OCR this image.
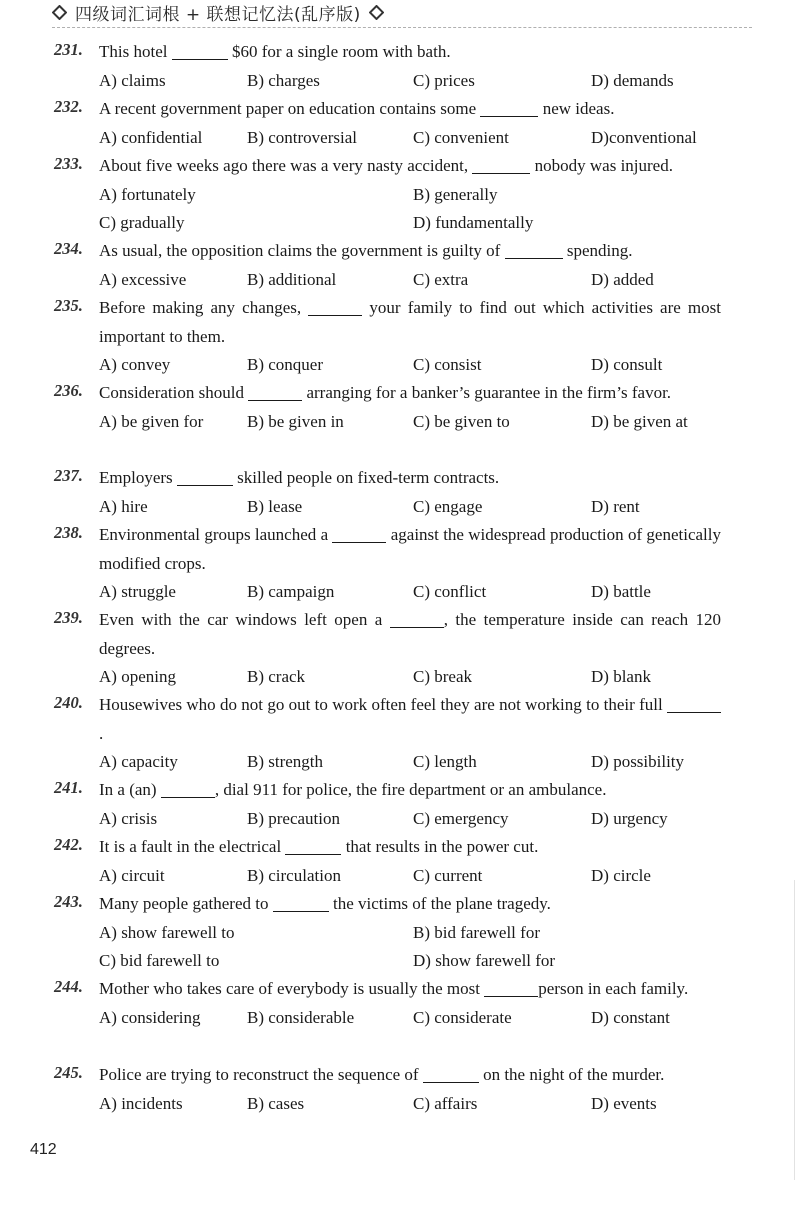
四级词汇词根 + 联想记忆法(乱序版)
231. This hotel	$60 for a single room with bath.
A) claims	B) charges	C) prices	D) demands
232. A recent government paper on education contains some	new ideas.
A) confidential	B) controversial	C) convenient	D)conventional
233. About five weeks ago there was a very nasty accident,	nobody was injured.
A) fortunately	B) generally
C) gradually	D) fundamentally
234. As usual, the opposition claims the government is guilty of	spending.
A) excessive	B) additional	C) extra	D) added
235. Before making any changes,	your family to find out which activities are most important to them.
A) convey	B) conquer	C) consist	D) consult
236. Consideration should	arranging for a banker’s guarantee in the firm’s favor.
A) be given for	B) be given in	C) be given to	D) be given at
237. Employers	skilled people on fixed-term contracts.
A) hire	B) lease	C) engage	D) rent
238. Environmental groups launched a	against the widespread production of genetically modified crops.
A) struggle	B) campaign	C) conflict	D) battle
239. Even with the car windows left open a	, the temperature inside can reach 120 degrees.
A) opening	B) crack	C) break	D) blank
240. Housewives who do not go out to work often feel they are not working to their full .
A) capacity	B) strength	C) length	D) possibility
241. In a (an)	, dial 911 for police, the fire department or an ambulance.
A) crisis	B) precaution	C) emergency	D) urgency
242. It is a fault in the electrical	that results in the power cut.
A) circuit	B) circulation	C) current	D) circle
243. Many people gathered to	the victims of the plane tragedy.
A) show farewell to	B) bid farewell for
C) bid farewell to	D) show farewell for
244. Mother who takes care of everybody is usually the most	person in each family.
A) considering	B) considerable	C) considerate	D) constant
245. Police are trying to reconstruct the sequence of	on the night of the murder.
A) incidents	B) cases	C) affairs	D) events
412
